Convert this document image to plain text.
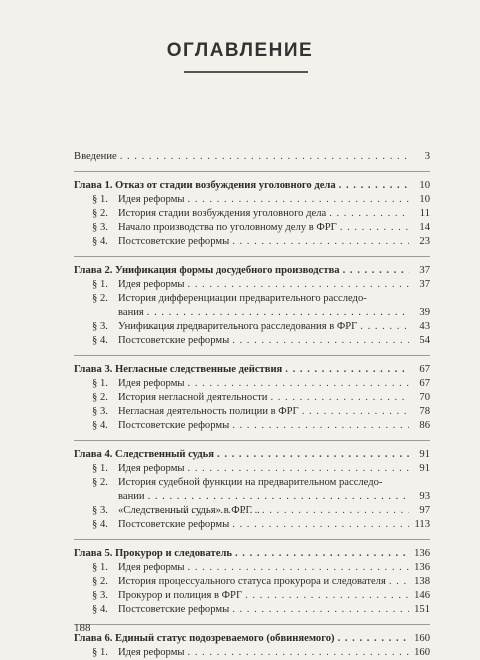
ОГЛАВЛЕНИЕ
Введение . . .	3
Глава 1. Отказ от стадии возбуждения уголовного дела . . .	10
§ 1. Идея реформы . . .	10
§ 2. История стадии возбуждения уголовного дела . . .	11
§ 3. Начало производства по уголовному делу в ФРГ . . .	14
§ 4. Постсоветские реформы . . .	23
Глава 2. Унификация формы досудебного производства . . .	37
§ 1. Идея реформы . . .	37
§ 2. История дифференциации предварительного расследо-
вания . . .	39
§ 3. Унификация предварительного расследования в ФРГ . . .	43
§ 4. Постсоветские реформы . . .	54
Глава 3. Негласные следственные действия . . .	67
§ 1. Идея реформы . . .	67
§ 2. История негласной деятельности . . .	70
§ 3. Негласная деятельность полиции в ФРГ . . .	78
§ 4. Постсоветские реформы . . .	86
Глава 4. Следственный судья . . .	91
§ 1. Идея реформы . . .	91
§ 2. История судебной функции на предварительном расследо-
вании . . .	93
§ 3. «Следственный судья» в ФРГ . . .	97
§ 4. Постсоветские реформы . . .	113
Глава 5. Прокурор и следователь . . .	136
§ 1. Идея реформы . . .	136
§ 2. История процессуального статуса прокурора и следователя . . .	138
§ 3. Прокурор и полиция в ФРГ . . .	146
§ 4. Постсоветские реформы . . .	151
Глава 6. Единый статус подозреваемого (обвиняемого) . . .	160
§ 1. Идея реформы . . .	160
188
